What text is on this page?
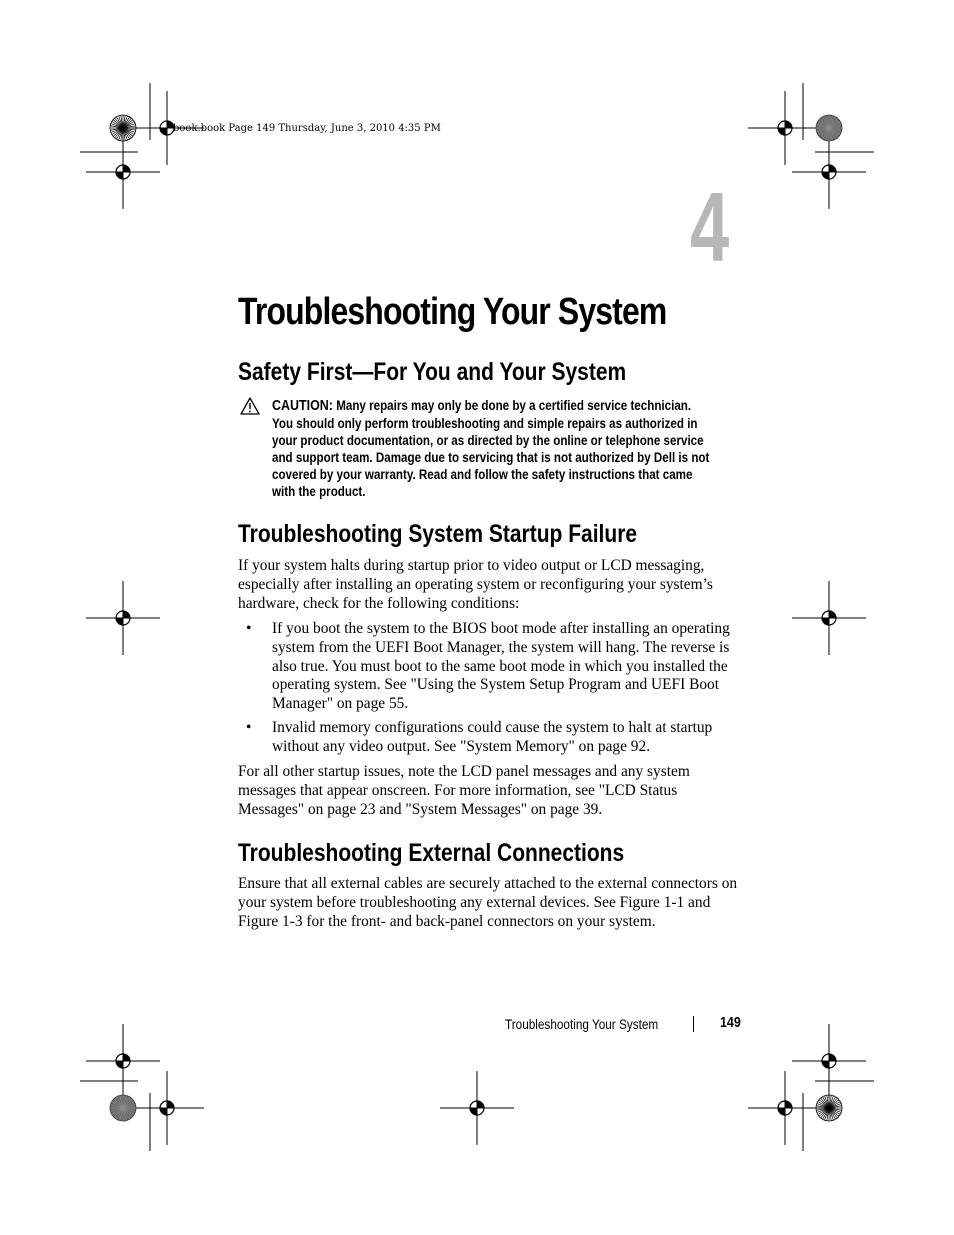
book.book Page 149 Thursday, June 3, 2010 4:35 PM
4
Troubleshooting Your System
Safety First—For You and Your System
CAUTION: Many repairs may only be done by a certified service technician. You should only perform troubleshooting and simple repairs as authorized in your product documentation, or as directed by the online or telephone service and support team. Damage due to servicing that is not authorized by Dell is not covered by your warranty. Read and follow the safety instructions that came with the product.
Troubleshooting System Startup Failure
If your system halts during startup prior to video output or LCD messaging, especially after installing an operating system or reconfiguring your system’s hardware, check for the following conditions:
• If you boot the system to the BIOS boot mode after installing an operating system from the UEFI Boot Manager, the system will hang. The reverse is also true. You must boot to the same boot mode in which you installed the operating system. See "Using the System Setup Program and UEFI Boot Manager" on page 55.
• Invalid memory configurations could cause the system to halt at startup without any video output. See "System Memory" on page 92.
For all other startup issues, note the LCD panel messages and any system messages that appear onscreen. For more information, see "LCD Status Messages" on page 23 and "System Messages" on page 39.
Troubleshooting External Connections
Ensure that all external cables are securely attached to the external connectors on your system before troubleshooting any external devices. See Figure 1-1 and Figure 1-3 for the front- and back-panel connectors on your system.
Troubleshooting Your System	149
